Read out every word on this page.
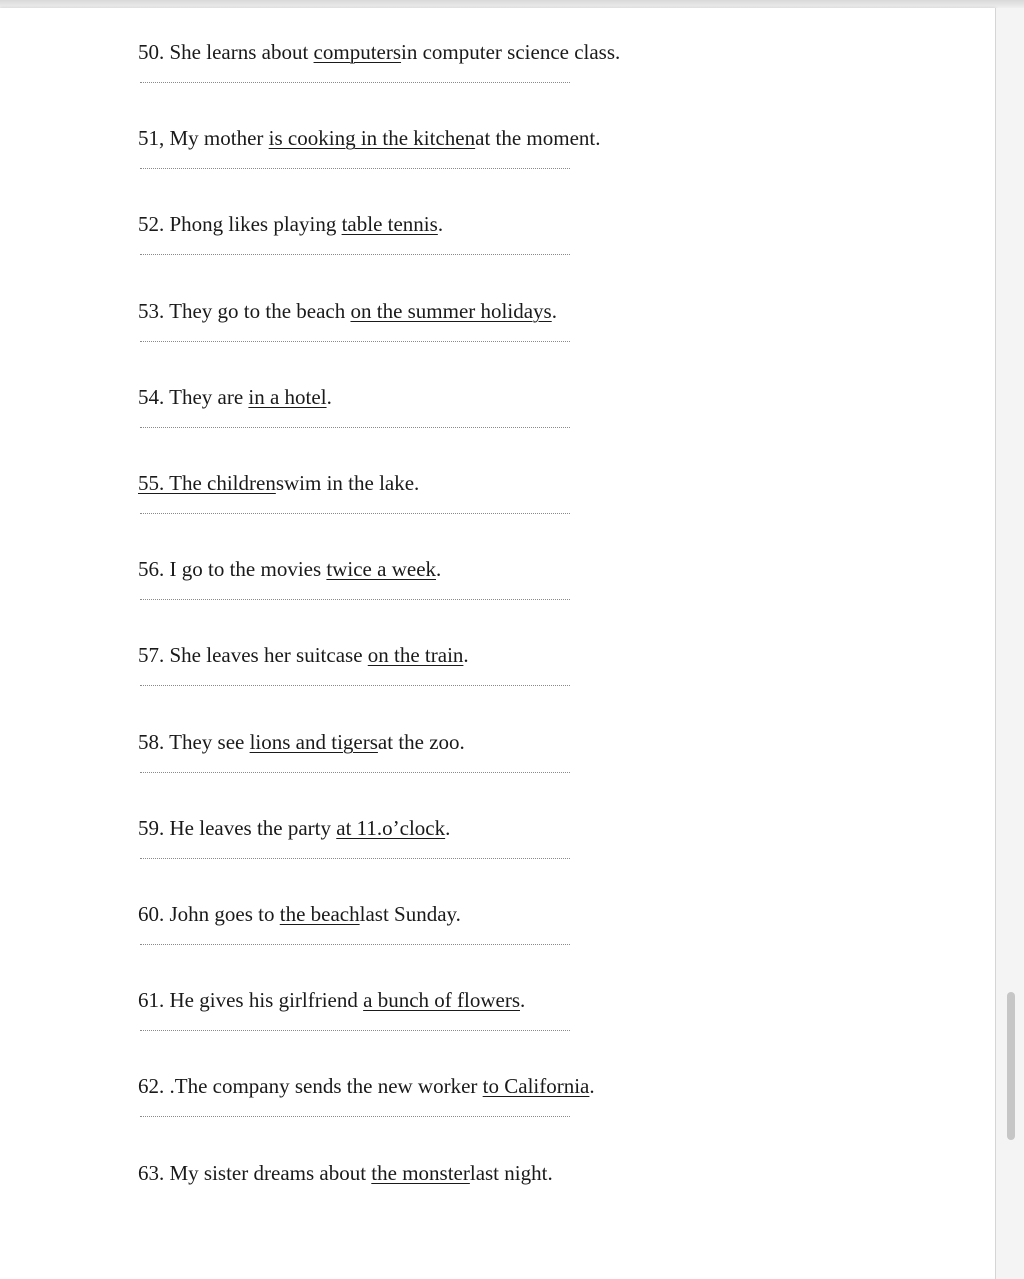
50. She learns about computersin computer science class.
51, My mother is cooking in the kitchenat the moment.
52. Phong likes playing table tennis.
53. They go to the beach on the summer holidays.
54. They are in a hotel.
55. The childrenswim in the lake.
56. I go to the movies twice a week.
57. She leaves her suitcase on the train.
58. They see lions and tigersat the zoo.
59. He leaves the party at 11.o’clock.
60. John goes to the beachlast Sunday.
61. He gives his girlfriend a bunch of flowers.
62. .The company sends the new worker to California.
63. My sister dreams about the monsterlast night.
